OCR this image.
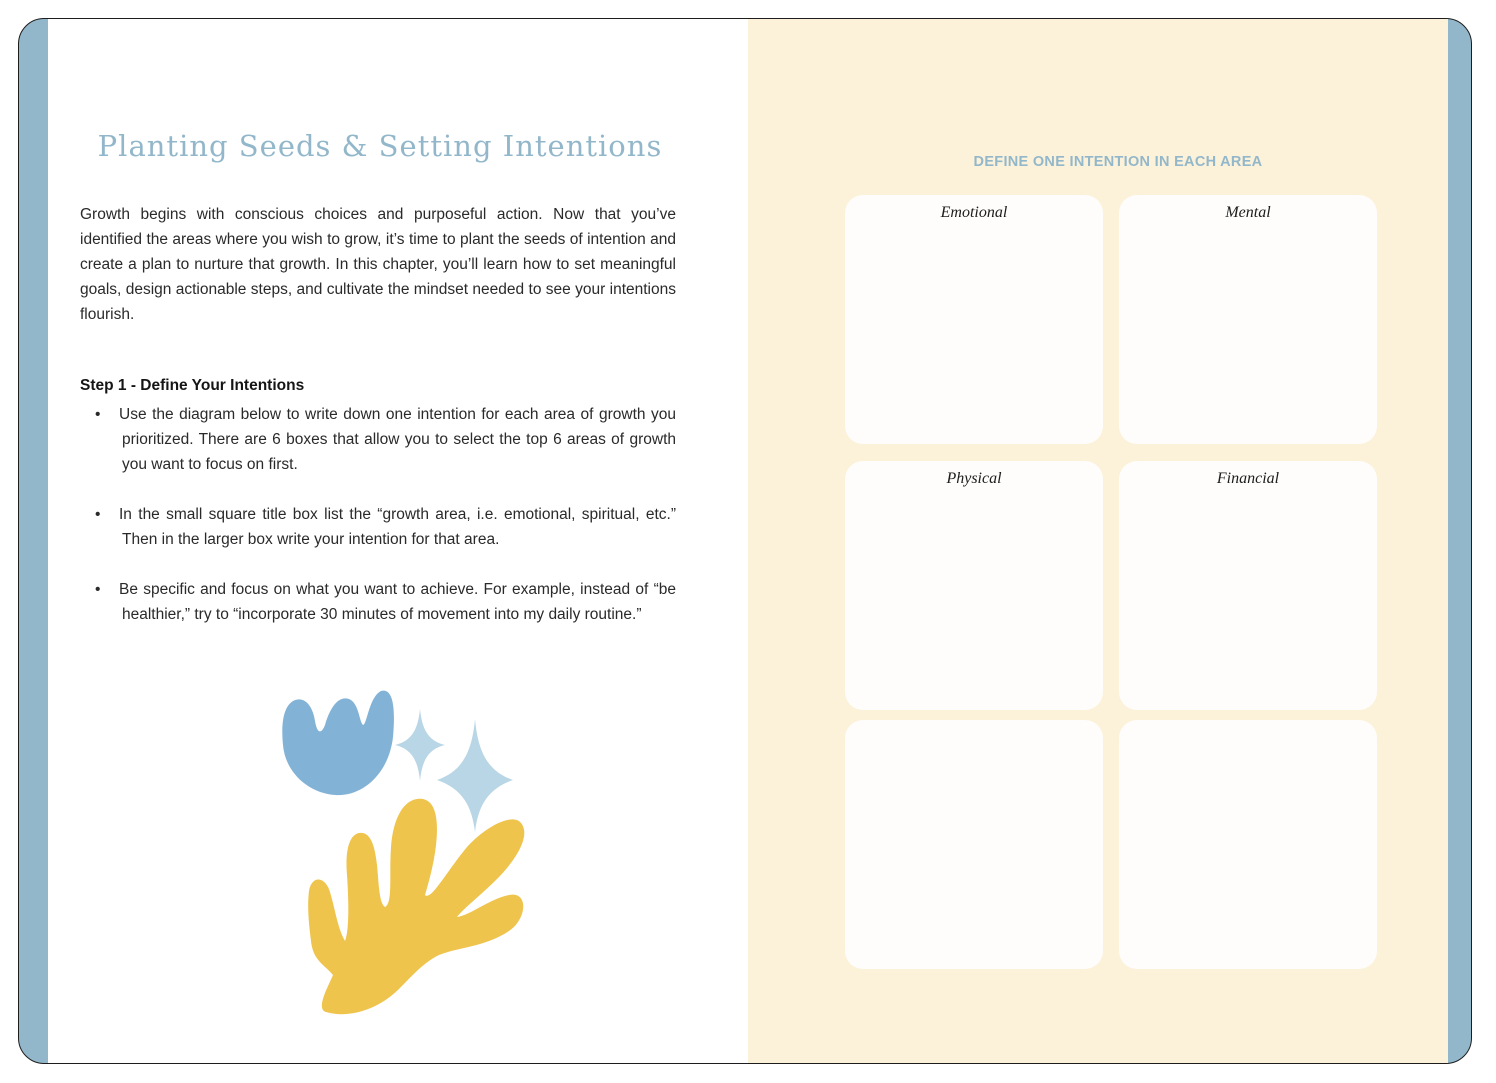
Planting Seeds & Setting Intentions

Growth begins with conscious choices and purposeful action. Now that you’ve identified the areas where you wish to grow, it’s time to plant the seeds of intention and create a plan to nurture that growth. In this chapter, you’ll learn how to set meaningful goals, design actionable steps, and cultivate the mindset needed to see your intentions flourish.

Step 1 - Define Your Intentions

• Use the diagram below to write down one intention for each area of growth you prioritized. There are 6 boxes that allow you to select the top 6 areas of growth you want to focus on first.
• In the small square title box list the “growth area, i.e. emotional, spiritual, etc.” Then in the larger box write your intention for that area.
• Be specific and focus on what you want to achieve. For example, instead of “be healthier,” try to “incorporate 30 minutes of movement into my daily routine.”

DEFINE ONE INTENTION IN EACH AREA

Emotional	Mental
Physical	Financial
